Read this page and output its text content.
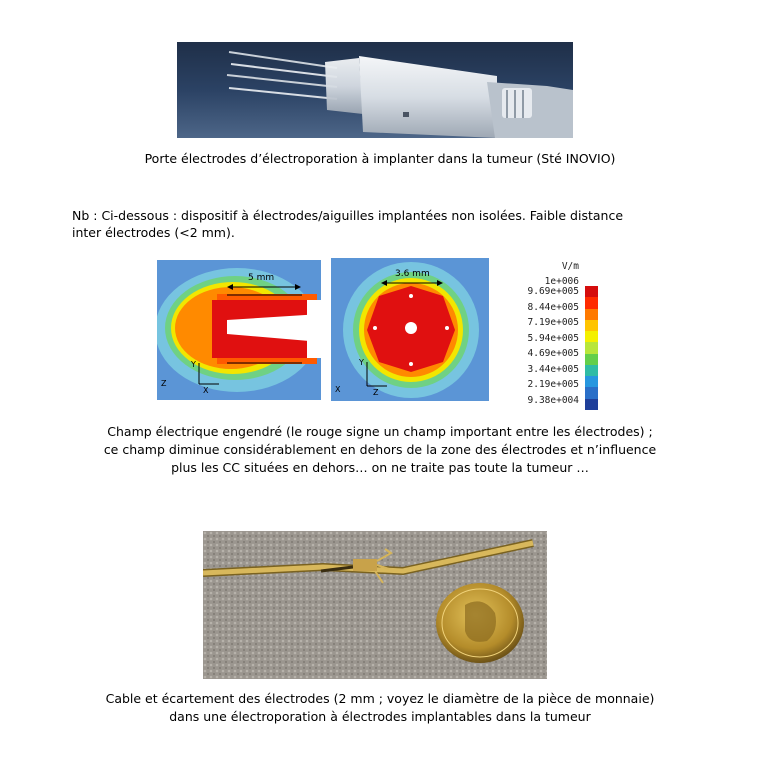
Porte électrodes d’électroporation à implanter dans la tumeur (Sté INOVIO)
Nb : Ci-dessous : dispositif à électrodes/aiguilles implantées non isolées. Faible distance
inter électrodes (<2 mm).
5 mm
Y
Z
X
3.6 mm
Y
X	Z
V/m
1e+006
9.69e+005
8.44e+005
7.19e+005
5.94e+005
4.69e+005
3.44e+005
2.19e+005
9.38e+004
Champ électrique engendré (le rouge signe un champ important entre les électrodes) ;
ce champ diminue considérablement en dehors de la zone des électrodes et n’influence
plus les CC situées en dehors… on ne traite pas toute la tumeur …
Cable et écartement des électrodes (2 mm ; voyez le diamètre de la pièce de monnaie)
dans une électroporation à électrodes implantables dans la tumeur
